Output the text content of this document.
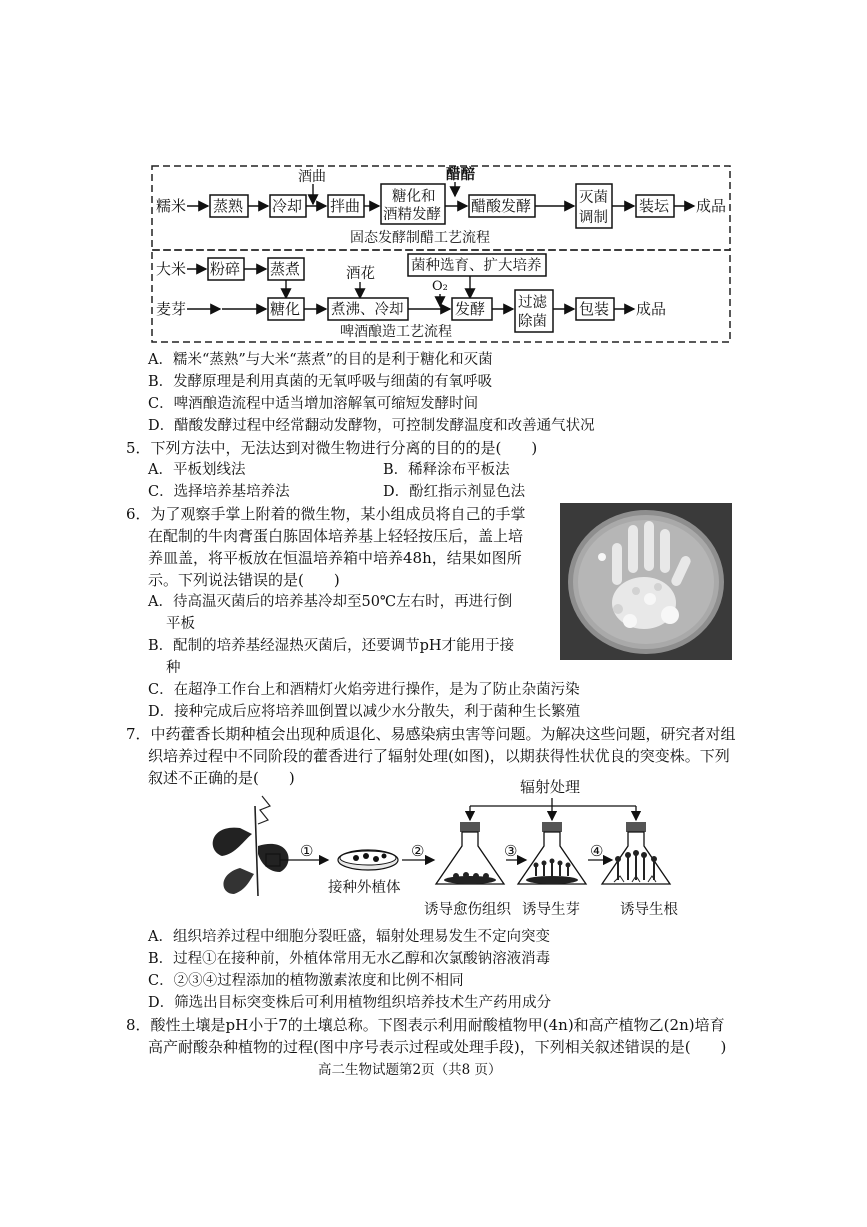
糯米 蒸熟 冷却
酒曲
拌曲 糖化和
酒精发酵
醋醅
醋酸发酵	灭菌
调制
装坛 成品
固态发酵制醋工艺流程
大米 粉碎 蒸煮	酒花 菌种选育、扩大培养
O₂
麦芽	糖化 煮沸、冷却	发酵 过滤
除菌
包装 成品
啤酒酿造工艺流程
A．糯米“蒸熟”与大米“蒸煮”的目的是利于糖化和灭菌
B．发酵原理是利用真菌的无氧呼吸与细菌的有氧呼吸
C．啤酒酿造流程中适当增加溶解氧可缩短发酵时间
D．醋酸发酵过程中经常翻动发酵物，可控制发酵温度和改善通气状况
5．下列方法中，无法达到对微生物进行分离的目的的是(　　)
A．平板划线法	B．稀释涂布平板法
C．选择培养基培养法	D．酚红指示剂显色法
6．为了观察手掌上附着的微生物，某小组成员将自己的手掌
在配制的牛肉膏蛋白胨固体培养基上轻轻按压后，盖上培
养皿盖，将平板放在恒温培养箱中培养48h，结果如图所
示。下列说法错误的是(　　)
A．待高温灭菌后的培养基冷却至50℃左右时，再进行倒
平板
B．配制的培养基经湿热灭菌后，还要调节pH才能用于接
种
C．在超净工作台上和酒精灯火焰旁进行操作，是为了防止杂菌污染
D．接种完成后应将培养皿倒置以减少水分散失，利于菌种生长繁殖
7．中药藿香长期种植会出现种质退化、易感染病虫害等问题。为解决这些问题，研究者对组
织培养过程中不同阶段的藿香进行了辐射处理(如图)，以期获得性状优良的突变株。下列
叙述不正确的是(　　)	辐射处理
①
接种外植体
②
诱导愈伤组织
③
诱导生芽
④
诱导生根
A．组织培养过程中细胞分裂旺盛，辐射处理易发生不定向突变
B．过程①在接种前，外植体常用无水乙醇和次氯酸钠溶液消毒
C．②③④过程添加的植物激素浓度和比例不相同
D．筛选出目标突变株后可利用植物组织培养技术生产药用成分
8．酸性土壤是pH小于7的土壤总称。下图表示利用耐酸植物甲(4n)和高产植物乙(2n)培育
高产耐酸杂种植物的过程(图中序号表示过程或处理手段)，下列相关叙述错误的是(　　)
高二生物试题第2页（共8 页）
